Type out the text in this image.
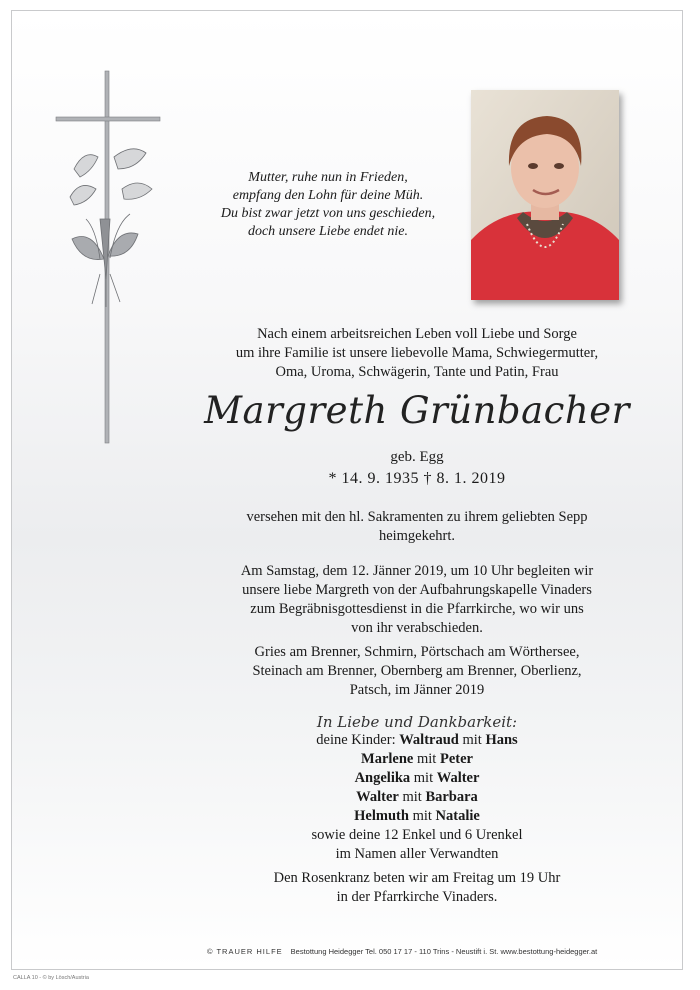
Mutter, ruhe nun in Frieden,
empfang den Lohn für deine Müh.
Du bist zwar jetzt von uns geschieden,
doch unsere Liebe endet nie.
Nach einem arbeitsreichen Leben voll Liebe und Sorge
um ihre Familie ist unsere liebevolle Mama, Schwiegermutter,
Oma, Uroma, Schwägerin, Tante und Patin, Frau
Margreth Grünbacher
geb. Egg
* 14. 9. 1935 † 8. 1. 2019
versehen mit den hl. Sakramenten zu ihrem geliebten Sepp
heimgekehrt.
Am Samstag, dem 12. Jänner 2019, um 10 Uhr begleiten wir
unsere liebe Margreth von der Aufbahrungskapelle Vinaders
zum Begräbnisgottesdienst in die Pfarrkirche, wo wir uns
von ihr verabschieden.
Gries am Brenner, Schmirn, Pörtschach am Wörthersee,
Steinach am Brenner, Obernberg am Brenner, Oberlienz,
Patsch, im Jänner 2019
In Liebe und Dankbarkeit:
deine Kinder: Waltraud mit Hans
Marlene mit Peter
Angelika mit Walter
Walter mit Barbara
Helmuth mit Natalie
sowie deine 12 Enkel und 6 Urenkel
im Namen aller Verwandten
Den Rosenkranz beten wir am Freitag um 19 Uhr
in der Pfarrkirche Vinaders.
© TRAUER HILFE Bestottung Heidegger Tel. 050 17 17 - 110 Trins - Neustift i. St. www.bestottung-heidegger.at
CALLA 10 - © by Lösch/Austria
